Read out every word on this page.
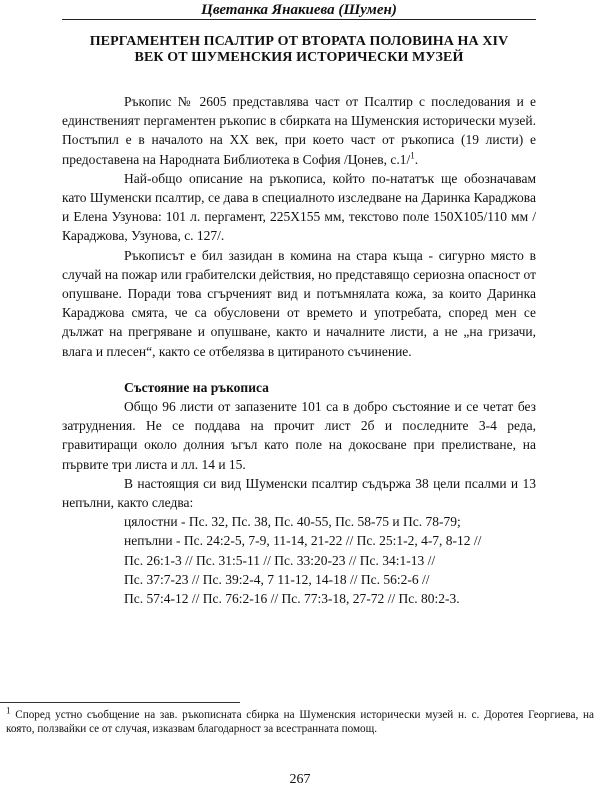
Цветанка Янакиева (Шумен)
ПЕРГАМЕНТЕН ПСАЛТИР ОТ ВТОРАТА ПОЛОВИНА НА XIV
ВЕК ОТ ШУМЕНСКИЯ ИСТОРИЧЕСКИ МУЗЕЙ

Ръкопис № 2605 представлява част от Псалтир с последования и е единственият пергаментен ръкопис в сбирката на Шуменския исторически музей. Постъпил е в началото на XX век, при което част от ръкописа (19 листи) е предоставена на Народната Библиотека в София /Цонев, с.1/$^1$.

Най-общо описание на ръкописа, който по-нататък ще обозначавам като Шуменски псалтир, се дава в специалното изследване на Даринка Караджова и Елена Узунова: 101 л. пергамент, 225Х155 мм, текстово поле 150Х105/110 мм /Караджова, Узунова, с. 127/.

Ръкописът е бил зазидан в комина на стара къща - сигурно място в случай на пожар или грабителски действия, но представящо сериозна опасност от опушване. Поради това сгърченият вид и потъмнялата кожа, за които Даринка Караджова смята, че са обусловени от времето и употребата, според мен се дължат на прегряване и опушване, както и началните листи, а не „на гризачи, влага и плесен“, както се отбелязва в цитираното съчинение.

Състояние на ръкописа

Общо 96 листи от запазените 101 са в добро състояние и се четат без затруднения. Не се поддава на прочит лист 2б и последните 3-4 реда, гравитиращи около долния ъгъл като поле на докосване при прелистване, на първите три листа и лл. 14 и 15.

В настоящия си вид Шуменски псалтир съдържа 38 цели псалми и 13 непълни, както следва:

цялостни - Пс. 32, Пс. 38, Пс. 40-55, Пс. 58-75 и Пс. 78-79;
непълни - Пс. 24:2-5, 7-9, 11-14, 21-22 // Пс. 25:1-2, 4-7, 8-12 //
Пс. 26:1-3 // Пс. 31:5-11 // Пс. 33:20-23 // Пс. 34:1-13 //
Пс. 37:7-23 // Пс. 39:2-4, 7 11-12, 14-18 // Пс. 56:2-6 //
Пс. 57:4-12 // Пс. 76:2-16 // Пс. 77:3-18, 27-72 // Пс. 80:2-3.
$^1$ Според устно съобщение на зав. ръкописната сбирка на Шуменския исторически музей н. с. Доротея Георгиева, на която, ползвайки се от случая, изказвам благодарност за всестранната помощ.
267
